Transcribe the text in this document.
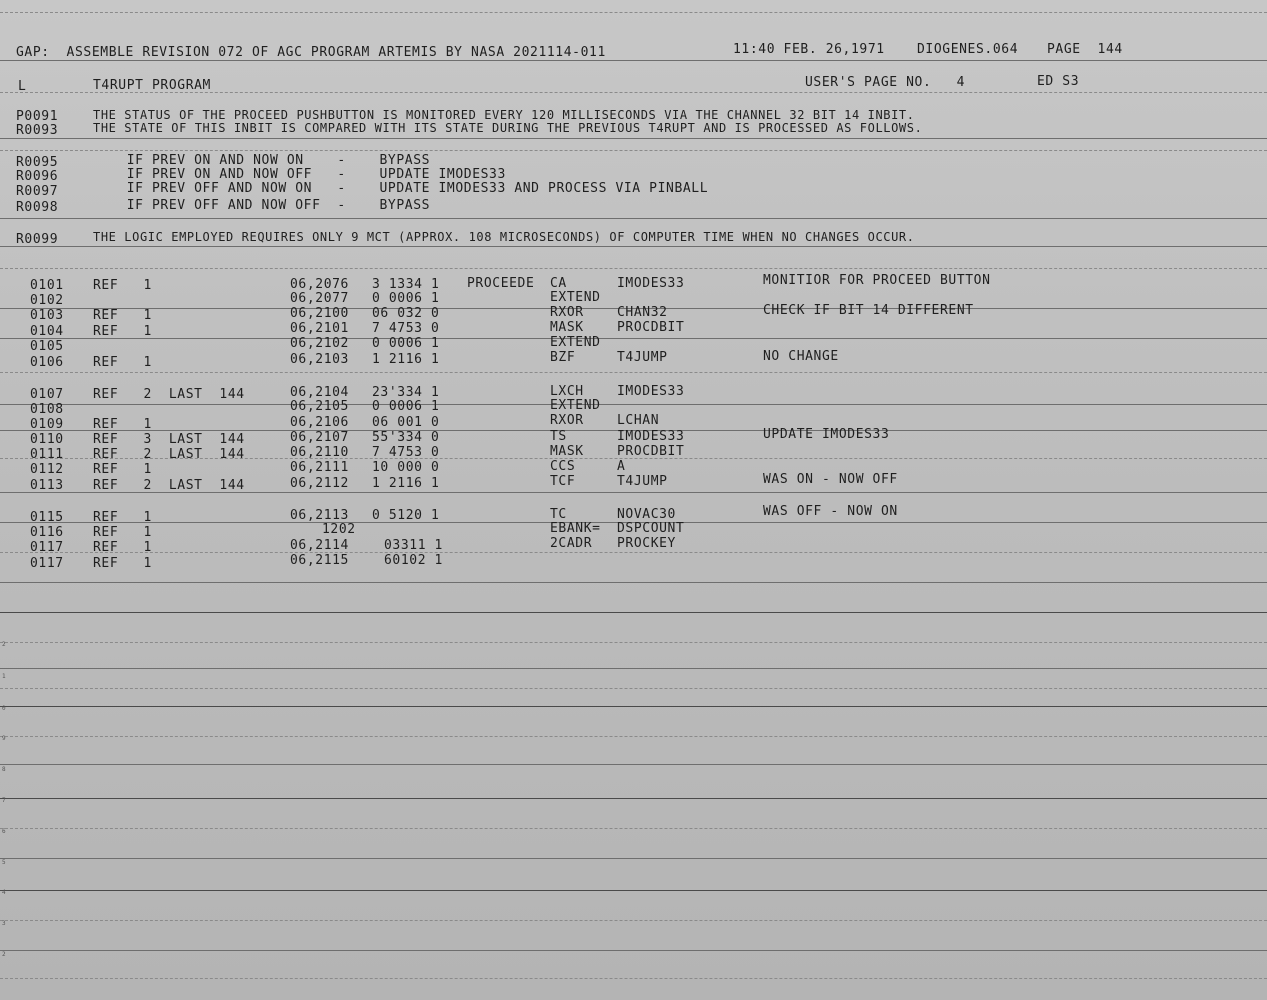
2
1
0
9
8
7
6
5
4
3
2
GAP:  ASSEMBLE REVISION 072 OF AGC PROGRAM ARTEMIS BY NASA 2021114-011	11:40 FEB. 26,1971 DIOGENES.064 PAGE  144
L	T4RUPT PROGRAM	USER'S PAGE NO.   4	ED S3
P0091	THE STATUS OF THE PROCEED PUSHBUTTON IS MONITORED EVERY 120 MILLISECONDS VIA THE CHANNEL 32 BIT 14 INBIT.
R0093	THE STATE OF THIS INBIT IS COMPARED WITH ITS STATE DURING THE PREVIOUS T4RUPT AND IS PROCESSED AS FOLLOWS.
R0095	IF PREV ON AND NOW ON    -    BYPASS
R0096	IF PREV ON AND NOW OFF   -    UPDATE IMODES33
R0097	IF PREV OFF AND NOW ON   -    UPDATE IMODES33 AND PROCESS VIA PINBALL
R0098	IF PREV OFF AND NOW OFF  -    BYPASS
R0099	THE LOGIC EMPLOYED REQUIRES ONLY 9 MCT (APPROX. 108 MICROSECONDS) OF COMPUTER TIME WHEN NO CHANGES OCCUR.
0101 REF   1	06,2076 3 1334 1 PROCEEDE CA	IMODES33	MONITIOR FOR PROCEED BUTTON
0102	06,2077 0 0006 1	EXTEND
0103 REF   1	06,2100 06 032 0	RXOR	CHAN32	CHECK IF BIT 14 DIFFERENT
0104 REF   1	06,2101 7 4753 0	MASK	PROCDBIT
0105	06,2102 0 0006 1	EXTEND
0106 REF   1	06,2103 1 2116 1	BZF	T4JUMP	NO CHANGE
0107 REF   2  LAST  144	06,2104 23'334 1	LXCH	IMODES33
0108	06,2105 0 0006 1	EXTEND
0109 REF   1	06,2106 06 001 0	RXOR	LCHAN
0110 REF   3  LAST  144	06,2107 55'334 0	TS	IMODES33	UPDATE IMODES33
0111 REF   2  LAST  144	06,2110 7 4753 0	MASK	PROCDBIT
0112 REF   1	06,2111 10 000 0	CCS	A
0113 REF   2  LAST  144	06,2112 1 2116 1	TCF	T4JUMP	WAS ON - NOW OFF
0115 REF   1	06,2113 0 5120 1	TC	NOVAC30	WAS OFF - NOW ON
0116 REF   1	1202	EBANK= DSPCOUNT
0117 REF   1	06,2114	03311 1	2CADR PROCKEY
0117 REF   1	06,2115	60102 1
